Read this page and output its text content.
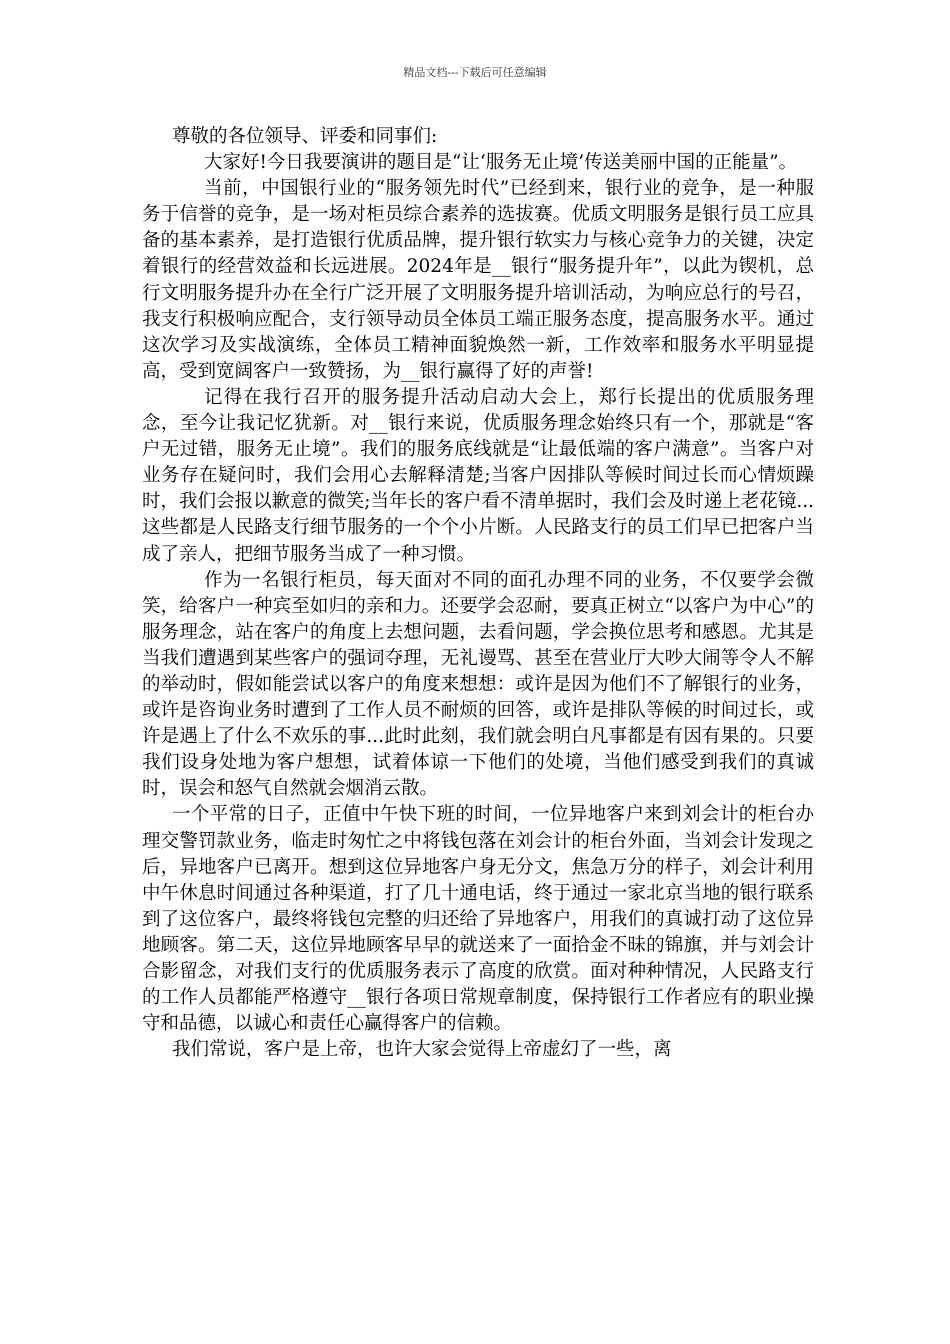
精品文档---下载后可任意编辑

尊敬的各位领导、评委和同事们:

大家好!今日我要演讲的题目是“让‘服务无止境’传送美丽中国的正能量”。

当前，中国银行业的“服务领先时代”已经到来，银行业的竞争，是一种服务于信誉的竞争，是一场对柜员综合素养的选拔赛。优质文明服务是银行员工应具备的基本素养，是打造银行优质品牌，提升银行软实力与核心竞争力的关键，决定着银行的经营效益和长远进展。2024年是__银行“服务提升年”，以此为锲机，总行文明服务提升办在全行广泛开展了文明服务提升培训活动，为响应总行的号召，我支行积极响应配合，支行领导动员全体员工端正服务态度，提高服务水平。通过这次学习及实战演练，全体员工精神面貌焕然一新，工作效率和服务水平明显提高，受到宽阔客户一致赞扬，为__银行赢得了好的声誉!

记得在我行召开的服务提升活动启动大会上，郑行长提出的优质服务理念，至今让我记忆犹新。对__银行来说，优质服务理念始终只有一个，那就是“客户无过错，服务无止境”。我们的服务底线就是“让最低端的客户满意”。当客户对业务存在疑问时，我们会用心去解释清楚;当客户因排队等候时间过长而心情烦躁时，我们会报以歉意的微笑;当年长的客户看不清单据时，我们会及时递上老花镜...这些都是人民路支行细节服务的一个个小片断。人民路支行的员工们早已把客户当成了亲人，把细节服务当成了一种习惯。

作为一名银行柜员，每天面对不同的面孔办理不同的业务，不仅要学会微笑，给客户一种宾至如归的亲和力。还要学会忍耐，要真正树立“以客户为中心”的服务理念，站在客户的角度上去想问题，去看问题，学会换位思考和感恩。尤其是当我们遭遇到某些客户的强词夺理，无礼谩骂、甚至在营业厅大吵大闹等令人不解的举动时，假如能尝试以客户的角度来想想：或许是因为他们不了解银行的业务，或许是咨询业务时遭到了工作人员不耐烦的回答，或许是排队等候的时间过长，或许是遇上了什么不欢乐的事...此时此刻，我们就会明白凡事都是有因有果的。只要我们设身处地为客户想想，试着体谅一下他们的处境，当他们感受到我们的真诚时，误会和怒气自然就会烟消云散。

一个平常的日子，正值中午快下班的时间，一位异地客户来到刘会计的柜台办理交警罚款业务，临走时匆忙之中将钱包落在刘会计的柜台外面，当刘会计发现之后，异地客户已离开。想到这位异地客户身无分文，焦急万分的样子，刘会计利用中午休息时间通过各种渠道，打了几十通电话，终于通过一家北京当地的银行联系到了这位客户，最终将钱包完整的归还给了异地客户，用我们的真诚打动了这位异地顾客。第二天，这位异地顾客早早的就送来了一面拾金不昧的锦旗，并与刘会计合影留念，对我们支行的优质服务表示了高度的欣赏。面对种种情况，人民路支行的工作人员都能严格遵守__银行各项日常规章制度，保持银行工作者应有的职业操守和品德，以诚心和责任心赢得客户的信赖。

我们常说，客户是上帝，也许大家会觉得上帝虚幻了一些，离
